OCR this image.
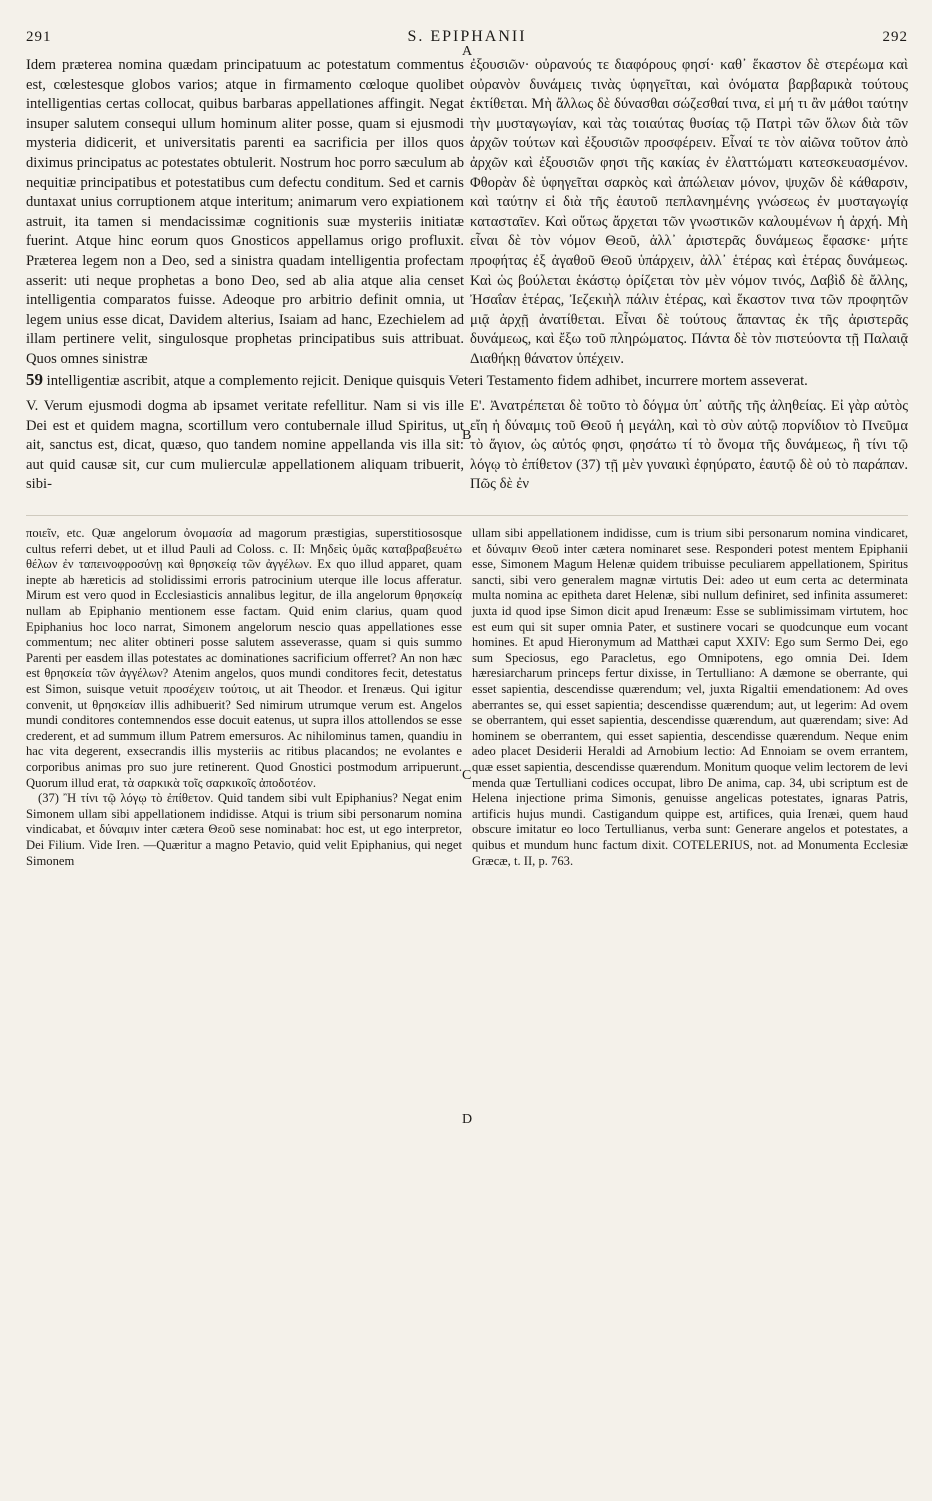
291	S. EPIPHANII	292

Idem præterea nomina quædam principatuum ac potestatum commentus est, cœlestesque globos varios; atque in firmamento cœloque quolibet intelligentias certas collocat, quibus barbaras appellationes affingit. Negat insuper salutem consequi ullum hominum aliter posse, quam si ejusmodi mysteria didicerit, et universitatis parenti ea sacrificia per illos quos diximus principatus ac potestates obtulerit. Nostrum hoc porro sæculum ab nequitiæ principatibus et potestatibus cum defectu conditum. Sed et carnis duntaxat unius corruptionem atque interitum; animarum vero expiationem astruit, ita tamen si mendacissimæ cognitionis suæ mysteriis initiatæ fuerint. Atque hinc eorum quos Gnosticos appellamus origo profluxit. Præterea legem non a Deo, sed a sinistra quadam intelligentia profectam asserit: uti neque prophetas a bono Deo, sed ab alia atque alia censet intelligentia comparatos fuisse. Adeoque pro arbitrio definit omnia, ut legem unius esse dicat, Davidem alterius, Isaiam ad hanc, Ezechielem ad illam pertinere velit, singulosque prophetas principatibus suis attribuat. Quos omnes sinistræ

ἐξουσιῶν· οὐρανούς τε διαφόρους φησί· καθ᾽ ἕκαστον δὲ στερέωμα καὶ οὐρανὸν δυνάμεις τινὰς ὑφηγεῖται, καὶ ὀνόματα βαρβαρικὰ τούτους ἐκτίθεται. Μὴ ἄλλως δὲ δύνασθαι σώζεσθαί τινα, εἰ μή τι ἂν μάθοι ταύτην τὴν μυσταγωγίαν, καὶ τὰς τοιαύτας θυσίας τῷ Πατρὶ τῶν ὅλων διὰ τῶν ἀρχῶν τούτων καὶ ἐξουσιῶν προσφέρειν. Εἶναί τε τὸν αἰῶνα τοῦτον ἀπὸ ἀρχῶν καὶ ἐξουσιῶν φησι τῆς κακίας ἐν ἐλαττώματι κατεσκευασμένον. Φθορὰν δὲ ὑφηγεῖται σαρκὸς καὶ ἀπώλειαν μόνον, ψυχῶν δὲ κάθαρσιν, καὶ ταύτην εἰ διὰ τῆς ἑαυτοῦ πεπλανημένης γνώσεως ἐν μυσταγωγίᾳ κατασταῖεν. Καὶ οὕτως ἄρχεται τῶν γνωστικῶν καλουμένων ἡ ἀρχή. Μὴ εἶναι δὲ τὸν νόμον Θεοῦ, ἀλλ᾽ ἀριστερᾶς δυνάμεως ἔφασκε· μήτε προφήτας ἐξ ἀγαθοῦ Θεοῦ ὑπάρχειν, ἀλλ᾽ ἑτέρας καὶ ἑτέρας δυνάμεως. Καὶ ὡς βούλεται ἑκάστῳ ὁρίζεται τὸν μὲν νόμον τινός, Δαβὶδ δὲ ἄλλης, Ἠσαΐαν ἑτέρας, Ἰεζεκιὴλ πάλιν ἑτέρας, καὶ ἕκαστον τινα τῶν προφητῶν μιᾷ ἀρχῇ ἀνατίθεται. Εἶναι δὲ τούτους ἅπαντας ἐκ τῆς ἀριστερᾶς δυνάμεως, καὶ ἔξω τοῦ πληρώματος. Πάντα δὲ τὸν πιστεύοντα τῇ Παλαιᾷ Διαθήκῃ θάνατον ὑπέχειν.

59 intelligentiæ ascribit, atque a complemento rejicit. Denique quisquis Veteri Testamento fidem adhibet, incurrere mortem asseverat.

V. Verum ejusmodi dogma ab ipsamet veritate refellitur. Nam si vis ille Dei est et quidem magna, scortillum vero contubernale illud Spiritus, ut ait, sanctus est, dicat, quæso, quo tandem nomine appellanda vis illa sit: aut quid causæ sit, cur cum mulierculæ appellationem aliquam tribuerit, sibi-

Ε'. Ἀνατρέπεται δὲ τοῦτο τὸ δόγμα ὑπ᾽ αὐτῆς τῆς ἀληθείας. Εἰ γὰρ αὐτὸς εἴη ἡ δύναμις τοῦ Θεοῦ ἡ μεγάλη, καὶ τὸ σὺν αὐτῷ πορνίδιον τὸ Πνεῦμα τὸ ἅγιον, ὡς αὐτός φησι, φησάτω τί τὸ ὄνομα τῆς δυνάμεως, ἢ τίνι τῷ λόγῳ τὸ ἐπίθετον (37) τῇ μὲν γυναικὶ ἐφηύρατο, ἑαυτῷ δὲ οὐ τὸ παράπαν. Πῶς δὲ ἐν

A
B
C
D

ποιεῖν, etc. Quæ angelorum ὀνομασία ad magorum præstigias, superstitiososque cultus referri debet, ut et illud Pauli ad Coloss. c. II: Μηδεὶς ὑμᾶς καταβραβευέτω θέλων ἐν ταπεινοφροσύνῃ καὶ θρησκείᾳ τῶν ἀγγέλων. Ex quo illud apparet, quam inepte ab hæreticis ad stolidissimi erroris patrocinium uterque ille locus afferatur. Mirum est vero quod in Ecclesiasticis annalibus legitur, de illa angelorum θρησκείᾳ nullam ab Epiphanio mentionem esse factam. Quid enim clarius, quam quod Epiphanius hoc loco narrat, Simonem angelorum nescio quas appellationes esse commentum; nec aliter obtineri posse salutem asseverasse, quam si quis summo Parenti per easdem illas potestates ac dominationes sacrificium offerret? An non hæc est θρησκεία τῶν ἀγγέλων? Atenim angelos, quos mundi conditores fecit, detestatus est Simon, suisque vetuit προσέχειν τούτοις, ut ait Theodor. et Irenæus. Qui igitur convenit, ut θρησκείαν illis adhibuerit? Sed nimirum utrumque verum est. Angelos mundi conditores contemnendos esse docuit eatenus, ut supra illos attollendos se esse crederent, et ad summum illum Patrem emersuros. Ac nihilominus tamen, quandiu in hac vita degerent, exsecrandis illis mysteriis ac ritibus placandos; ne evolantes e corporibus animas pro suo jure retinerent. Quod Gnostici postmodum arripuerunt. Quorum illud erat, τὰ σαρκικὰ τοῖς σαρκικοῖς ἀποδοτέον.

(37) Ἢ τίνι τῷ λόγῳ τὸ ἐπίθετον. Quid tandem sibi vult Epiphanius? Negat enim Simonem ullam sibi appellationem indidisse. Atqui is trium sibi personarum nomina vindicabat, et δύναμιν inter cætera Θεοῦ sese nominabat: hoc est, ut ego interpretor, Dei Filium. Vide Iren. —Quæritur a magno Petavio, quid velit Epiphanius, qui neget Simonem

ullam sibi appellationem indidisse, cum is trium sibi personarum nomina vindicaret, et δύναμιν Θεοῦ inter cætera nominaret sese. Responderi potest mentem Epiphanii esse, Simonem Magum Helenæ quidem tribuisse peculiarem appellationem, Spiritus sancti, sibi vero generalem magnæ virtutis Dei: adeo ut eum certa ac determinata multa nomina ac epitheta daret Helenæ, sibi nullum definiret, sed infinita assumeret: juxta id quod ipse Simon dicit apud Irenæum: Esse se sublimissimam virtutem, hoc est eum qui sit super omnia Pater, et sustinere vocari se quodcunque eum vocant homines. Et apud Hieronymum ad Matthæi caput XXIV: Ego sum Sermo Dei, ego sum Speciosus, ego Paracletus, ego Omnipotens, ego omnia Dei. Idem hæresiarcharum princeps fertur dixisse, in Tertulliano: A dæmone se oberrante, qui esset sapientia, descendisse quærendum; vel, juxta Rigaltii emendationem: Ad oves aberrantes se, qui esset sapientia; descendisse quærendum; aut, ut legerim: Ad ovem se oberrantem, qui esset sapientia, descendisse quærendum, aut quærendam; sive: Ad hominem se oberrantem, qui esset sapientia, descendisse quærendum. Neque enim adeo placet Desiderii Heraldi ad Arnobium lectio: Ad Ennoiam se ovem errantem, quæ esset sapientia, descendisse quærendum. Monitum quoque velim lectorem de levi menda quæ Tertulliani codices occupat, libro De anima, cap. 34, ubi scriptum est de Helena injectione prima Simonis, genuisse angelicas potestates, ignaras Patris, artificis hujus mundi. Castigandum quippe est, artifices, quia Irenæi, quem haud obscure imitatur eo loco Tertullianus, verba sunt: Generare angelos et potestates, a quibus et mundum hunc factum dixit. COTELERIUS, not. ad Monumenta Ecclesiæ Græcæ, t. II, p. 763.
